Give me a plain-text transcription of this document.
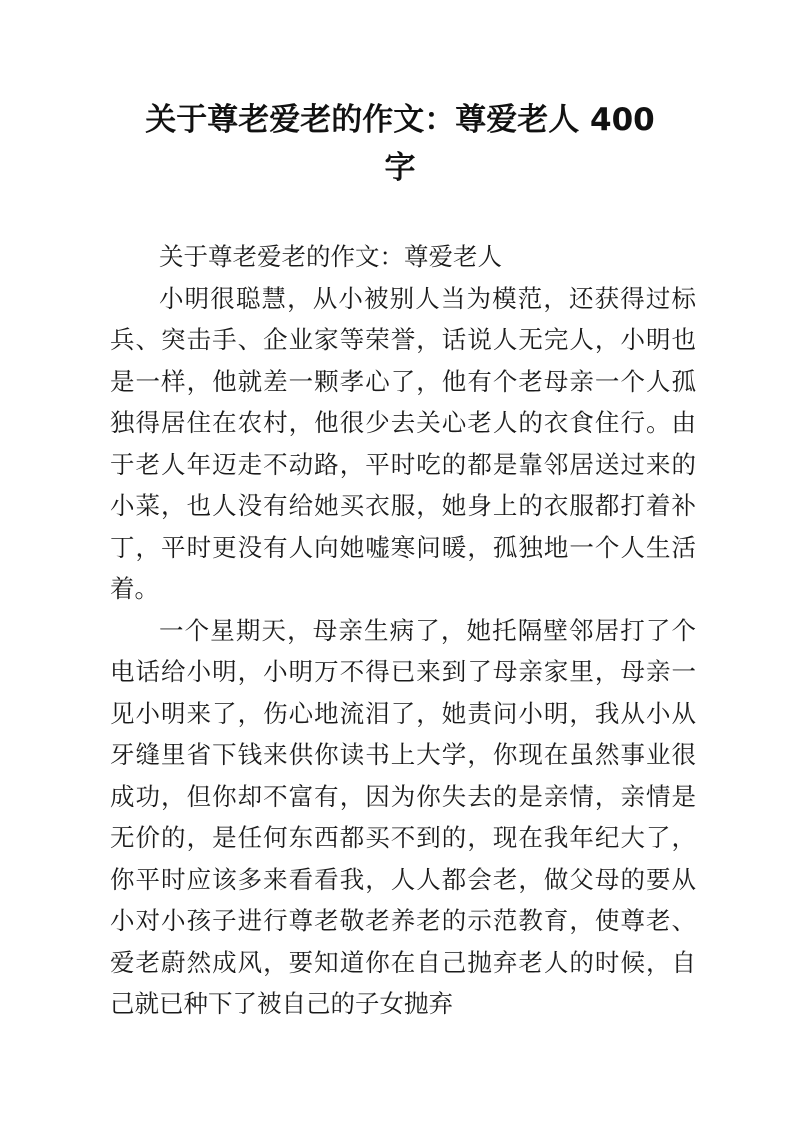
关于尊老爱老的作文：尊爱老人 400
字

关于尊老爱老的作文：尊爱老人

小明很聪慧，从小被别人当为模范，还获得过标兵、突击手、企业家等荣誉，话说人无完人，小明也是一样，他就差一颗孝心了，他有个老母亲一个人孤独得居住在农村，他很少去关心老人的衣食住行。由于老人年迈走不动路，平时吃的都是靠邻居送过来的小菜，也人没有给她买衣服，她身上的衣服都打着补丁，平时更没有人向她嘘寒问暖，孤独地一个人生活着。

一个星期天，母亲生病了，她托隔壁邻居打了个电话给小明，小明万不得已来到了母亲家里，母亲一见小明来了，伤心地流泪了，她责问小明，我从小从牙缝里省下钱来供你读书上大学，你现在虽然事业很成功，但你却不富有，因为你失去的是亲情，亲情是无价的，是任何东西都买不到的，现在我年纪大了，你平时应该多来看看我，人人都会老，做父母的要从小对小孩子进行尊老敬老养老的示范教育，使尊老、爱老蔚然成风，要知道你在自己抛弃老人的时候，自己就已种下了被自己的子女抛弃
